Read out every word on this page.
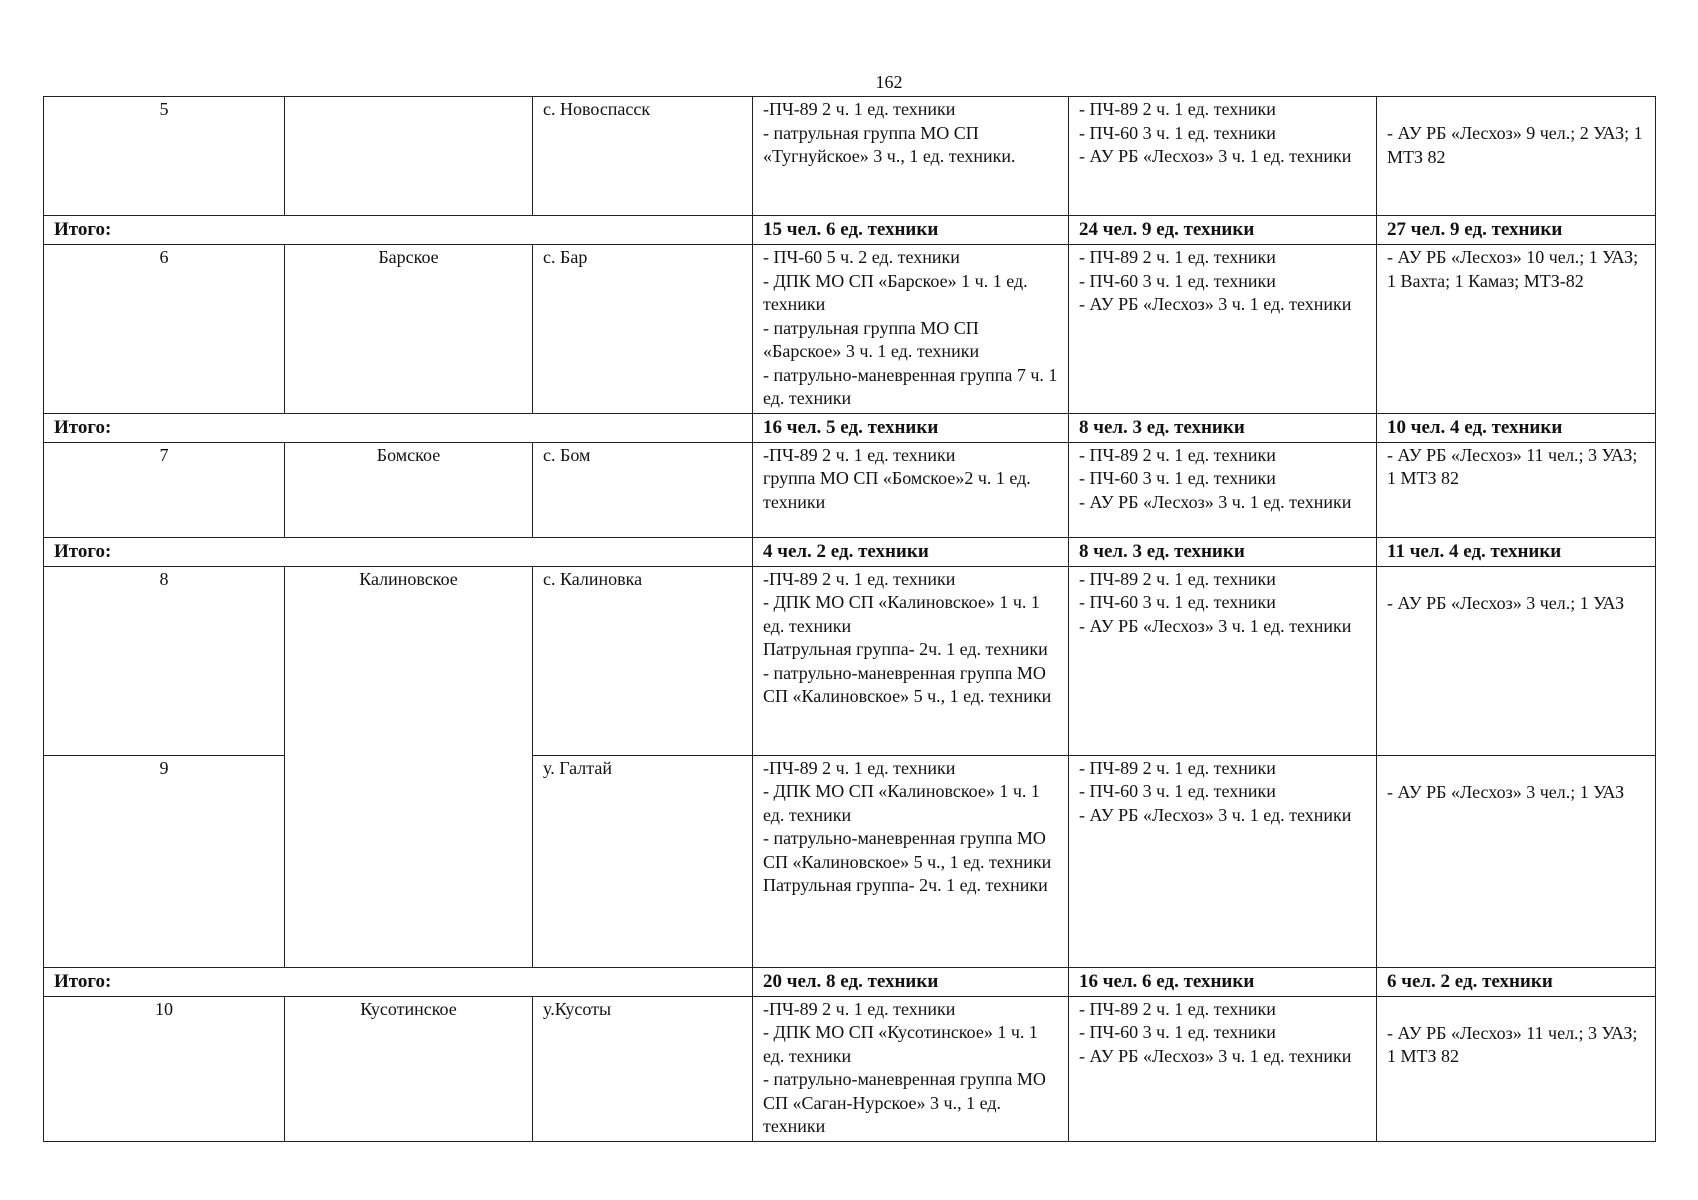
162
5		с. Новоспасск	-ПЧ-89 2 ч. 1 ед. техники
- патрульная группа МО СП «Тугнуйское» 3 ч., 1 ед. техники.	- ПЧ-89 2 ч. 1 ед. техники
- ПЧ-60 3 ч. 1 ед. техники
- АУ РБ «Лесхоз» 3 ч. 1 ед. техники	- АУ РБ «Лесхоз» 9 чел.; 2 УАЗ; 1 МТЗ 82

Итого:			15 чел. 6 ед. техники	24 чел. 9 ед. техники	27 чел. 9 ед. техники
6	Барское	с. Бар	- ПЧ-60 5 ч. 2 ед. техники
- ДПК МО СП «Барское» 1 ч. 1 ед. техники
- патрульная группа МО СП «Барское» 3 ч. 1 ед. техники
- патрульно-маневренная группа 7 ч. 1 ед. техники	- ПЧ-89 2 ч. 1 ед. техники
- ПЧ-60 3 ч. 1 ед. техники
- АУ РБ «Лесхоз» 3 ч. 1 ед. техники	- АУ РБ «Лесхоз» 10 чел.; 1 УАЗ; 1 Вахта; 1 Камаз; МТЗ-82

Итого:			16 чел. 5 ед. техники	8 чел. 3 ед. техники	10 чел. 4 ед. техники
7	Бомское	с. Бом	-ПЧ-89 2 ч. 1 ед. техники
группа МО СП «Бомское»2 ч. 1 ед. техники	- ПЧ-89 2 ч. 1 ед. техники
- ПЧ-60 3 ч. 1 ед. техники
- АУ РБ «Лесхоз» 3 ч. 1 ед. техники	- АУ РБ «Лесхоз» 11 чел.; 3 УАЗ; 1 МТЗ 82

Итого:			4 чел. 2 ед. техники	8 чел. 3 ед. техники	11 чел. 4 ед. техники
8	Калиновское	с. Калиновка	-ПЧ-89 2 ч. 1 ед. техники
- ДПК МО СП «Калиновское» 1 ч. 1 ед. техники
Патрульная группа- 2ч. 1 ед. техники
- патрульно-маневренная группа МО СП «Калиновское» 5 ч., 1 ед. техники	- ПЧ-89 2 ч. 1 ед. техники
- ПЧ-60 3 ч. 1 ед. техники
- АУ РБ «Лесхоз» 3 ч. 1 ед. техники	- АУ РБ «Лесхоз» 3 чел.; 1 УАЗ

9		у. Галтай	-ПЧ-89 2 ч. 1 ед. техники
- ДПК МО СП «Калиновское» 1 ч. 1 ед. техники
- патрульно-маневренная группа МО СП «Калиновское» 5 ч., 1 ед. техники
Патрульная группа- 2ч. 1 ед. техники	- ПЧ-89 2 ч. 1 ед. техники
- ПЧ-60 3 ч. 1 ед. техники
- АУ РБ «Лесхоз» 3 ч. 1 ед. техники	- АУ РБ «Лесхоз» 3 чел.; 1 УАЗ

Итого:			20 чел. 8 ед. техники	16 чел. 6 ед. техники	6 чел. 2 ед. техники
10	Кусотинское	у.Кусоты	-ПЧ-89 2 ч. 1 ед. техники
- ДПК МО СП «Кусотинское» 1 ч. 1 ед. техники
- патрульно-маневренная группа МО СП «Саган-Нурское» 3 ч., 1 ед. техники	- ПЧ-89 2 ч. 1 ед. техники
- ПЧ-60 3 ч. 1 ед. техники
- АУ РБ «Лесхоз» 3 ч. 1 ед. техники	- АУ РБ «Лесхоз» 11 чел.; 3 УАЗ; 1 МТЗ 82
